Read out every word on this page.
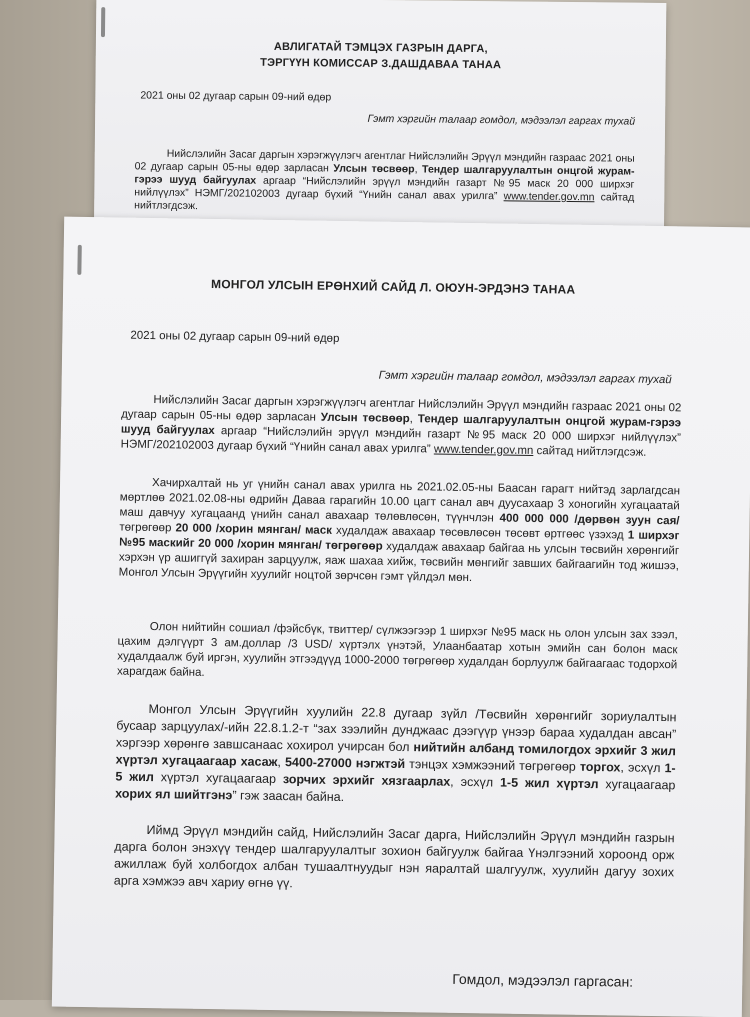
АВЛИГАТАЙ ТЭМЦЭХ ГАЗРЫН ДАРГА,
ТЭРГҮҮН КОМИССАР З.ДАШДАВАА ТАНАА
2021 оны 02 дугаар сарын 09-ний өдөр
Гэмт хэргийн талаар гомдол, мэдээлэл гаргах тухай
Нийслэлийн Засаг даргын хэрэгжүүлэгч агентлаг Нийслэлийн Эрүүл мэндийн газраас 2021 оны 02 дугаар сарын 05-ны өдөр зарласан Улсын төсвөөр, Тендер шалгаруулалтын онцгой журам-гэрээ шууд байгуулах аргаар “Нийслэлийн эрүүл мэндийн газарт №95 маск 20 000 ширхэг нийлүүлэх” НЭМГ/202102003 дугаар бүхий “Үнийн санал авах урилга” www.tender.gov.mn сайтад нийтлэгдсэж.
МОНГОЛ УЛСЫН ЕРӨНХИЙ САЙД Л. ОЮУН-ЭРДЭНЭ ТАНАА
2021 оны 02 дугаар сарын 09-ний өдөр
Гэмт хэргийн талаар гомдол, мэдээлэл гаргах тухай
Нийслэлийн Засаг даргын хэрэгжүүлэгч агентлаг Нийслэлийн Эрүүл мэндийн газраас 2021 оны 02 дугаар сарын 05-ны өдөр зарласан Улсын төсвөөр, Тендер шалгаруулалтын онцгой журам-гэрээ шууд байгуулах аргаар “Нийслэлийн эрүүл мэндийн газарт №95 маск 20 000 ширхэг нийлүүлэх” НЭМГ/202102003 дугаар бүхий “Үнийн санал авах урилга” www.tender.gov.mn сайтад нийтлэгдсэж.
Хачирхалтай нь уг үнийн санал авах урилга нь 2021.02.05-ны Баасан гарагт нийтэд зарлагдсан мөртлөө 2021.02.08-ны өдрийн Даваа гарагийн 10.00 цагт санал авч дуусахаар 3 хоногийн хугацаатай маш давчуу хугацаанд үнийн санал авахаар төлөвлөсөн, түүнчлэн 400 000 000 /дөрвөн зуун сая/ төгрөгөөр 20 000 /хорин мянган/ маск худалдаж авахаар төсөвлөсөн төсөвт өртгөөс үзэхэд 1 ширхэг №95 маскийг 20 000 /хорин мянган/ төгрөгөөр худалдаж авахаар байгаа нь улсын төсвийн хөрөнгийг хэрхэн үр ашиггүй захиран зарцуулж, яаж шахаа хийж, төсвийн мөнгийг завших байгаагийн тод жишээ, Монгол Улсын Эрүүгийн хуулийг ноцтой зөрчсөн гэмт үйлдэл мөн.
Олон нийтийн сошиал /фэйсбүк, твиттер/ сүлжээгээр 1 ширхэг №95 маск нь олон улсын зах зээл, цахим дэлгүүрт 3 ам.доллар /3 USD/ хүртэлх үнэтэй, Улаанбаатар хотын эмийн сан болон маск худалдаалж буй иргэн, хуулийн этгээдүүд 1000-2000 төгрөгөөр худалдан борлуулж байгаагаас тодорхой харагдаж байна.
Монгол Улсын Эрүүгийн хуулийн 22.8 дугаар зүйл /Төсвийн хөрөнгийг зориулалтын бусаар зарцуулах/-ийн 22.8.1.2-т “зах зээлийн дунджаас дээгүүр үнээр бараа худалдан авсан” хэргээр хөрөнгө завшсанаас хохирол учирсан бол нийтийн албанд томилогдох эрхийг 3 жил хүртэл хугацаагаар хасаж, 5400-27000 нэгжтэй тэнцэх хэмжээний төгрөгөөр торгох, эсхүл 1-5 жил хүртэл хугацаагаар зорчих эрхийг хязгаарлах, эсхүл 1-5 жил хүртэл хугацаагаар хорих ял шийтгэнэ” гэж заасан байна.
Иймд Эрүүл мэндийн сайд, Нийслэлийн Засаг дарга, Нийслэлийн Эрүүл мэндийн газрын дарга болон энэхүү тендер шалгаруулалтыг зохион байгуулж байгаа Үнэлгээний хороонд орж ажиллаж буй холбогдох албан тушаалтнуудыг нэн яаралтай шалгуулж, хуулийн дагуу зохих арга хэмжээ авч хариу өгнө үү.
Гомдол, мэдээлэл гаргасан:
